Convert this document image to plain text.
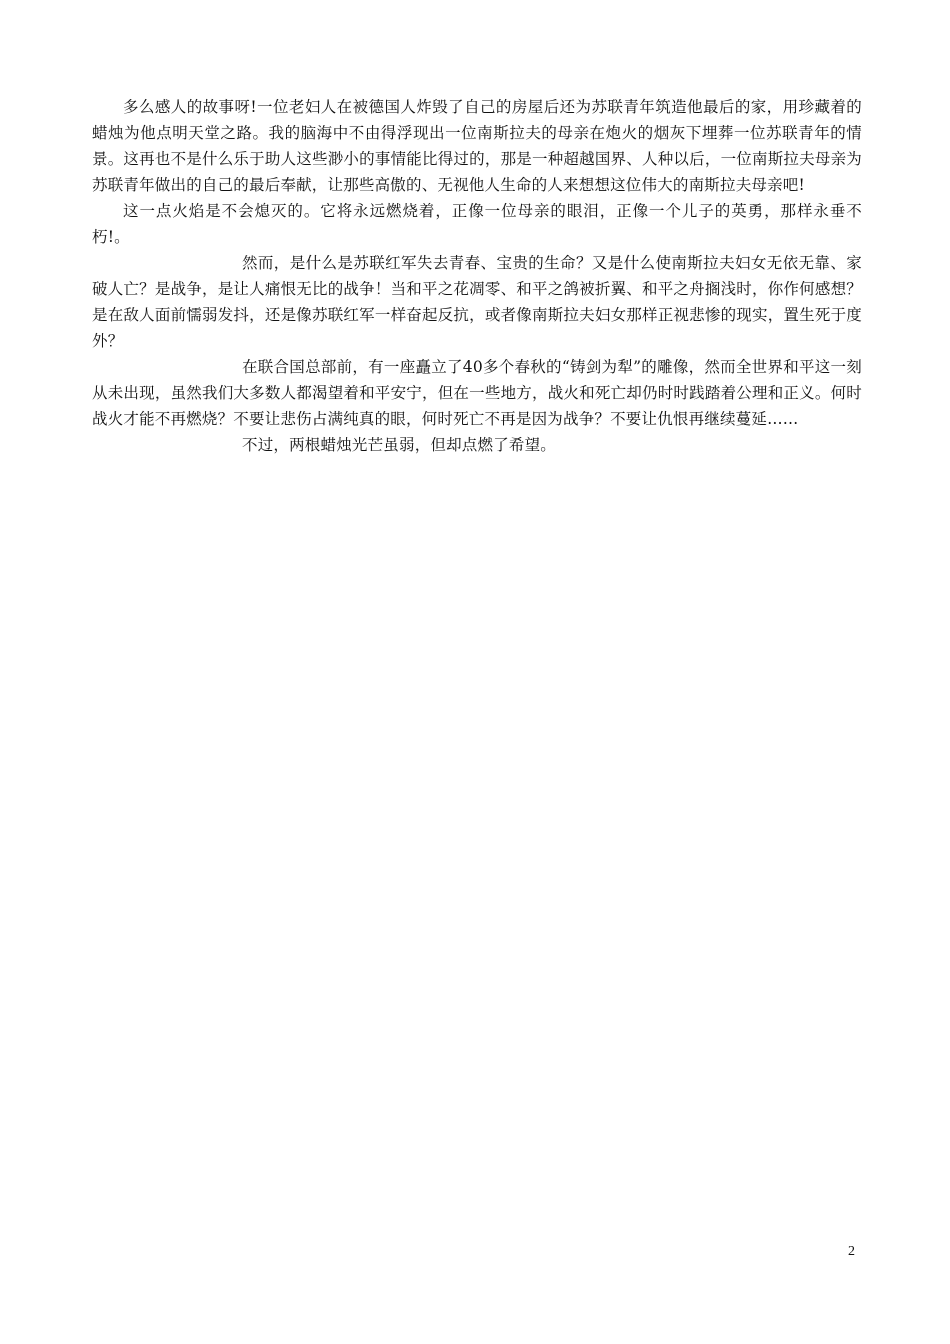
多么感人的故事呀!一位老妇人在被德国人炸毁了自己的房屋后还为苏联青年筑造他最后的家，用珍藏着的蜡烛为他点明天堂之路。我的脑海中不由得浮现出一位南斯拉夫的母亲在炮火的烟灰下埋葬一位苏联青年的情景。这再也不是什么乐于助人这些渺小的事情能比得过的，那是一种超越国界、人种以后，一位南斯拉夫母亲为苏联青年做出的自己的最后奉献，让那些高傲的、无视他人生命的人来想想这位伟大的南斯拉夫母亲吧!

这一点火焰是不会熄灭的。它将永远燃烧着，正像一位母亲的眼泪，正像一个儿子的英勇，那样永垂不朽!。

然而，是什么是苏联红军失去青春、宝贵的生命？又是什么使南斯拉夫妇女无依无靠、家破人亡？是战争，是让人痛恨无比的战争！当和平之花凋零、和平之鸽被折翼、和平之舟搁浅时，你作何感想？是在敌人面前懦弱发抖，还是像苏联红军一样奋起反抗，或者像南斯拉夫妇女那样正视悲惨的现实，置生死于度外？

在联合国总部前，有一座矗立了40多个春秋的“铸剑为犁”的雕像，然而全世界和平这一刻从未出现，虽然我们大多数人都渴望着和平安宁，但在一些地方，战火和死亡却仍时时践踏着公理和正义。何时战火才能不再燃烧？不要让悲伤占满纯真的眼，何时死亡不再是因为战争？不要让仇恨再继续蔓延……

不过，两根蜡烛光芒虽弱，但却点燃了希望。

2
